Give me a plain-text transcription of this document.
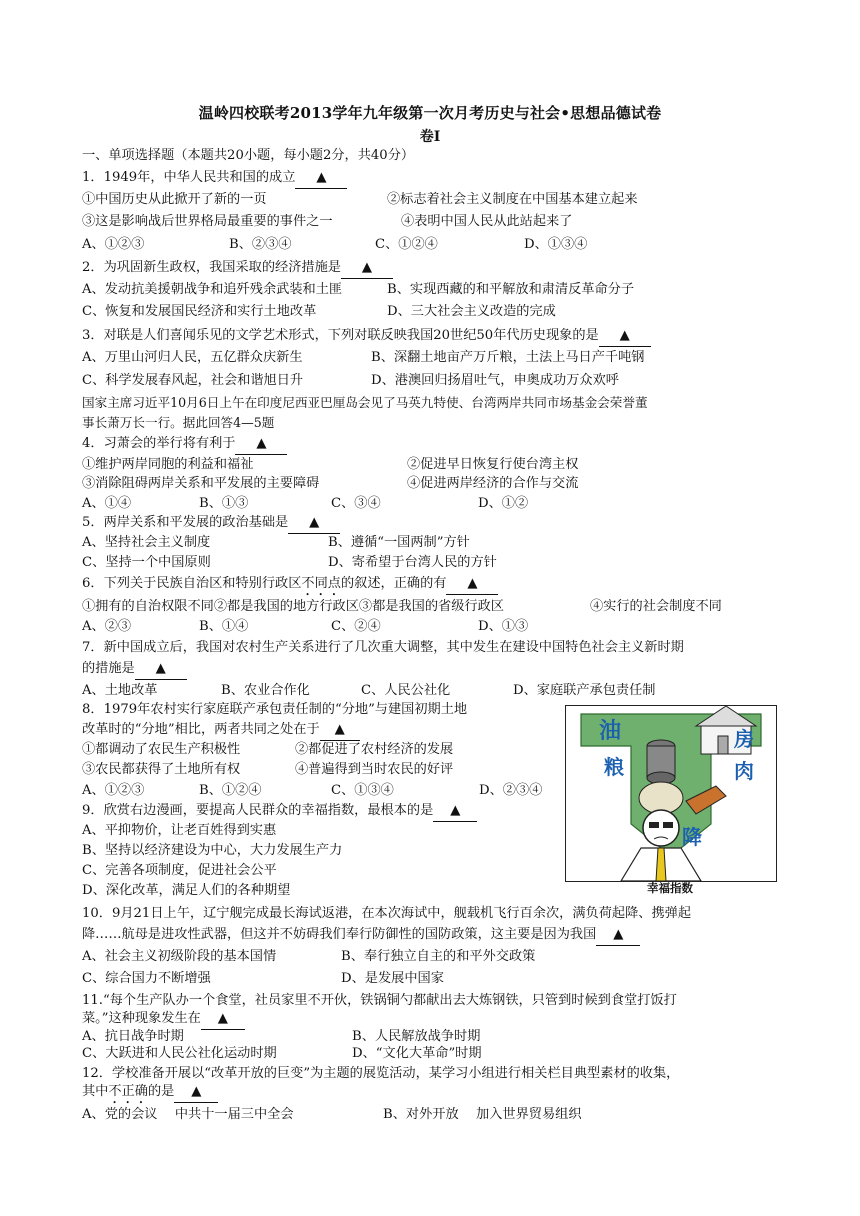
温岭四校联考2013学年九年级第一次月考历史与社会•思想品德试卷
卷Ⅰ
一、单项选择题（本题共20小题，每小题2分，共40分）
1．1949年，中华人民共和国的成立 ▲
①中国历史从此掀开了新的一页	②标志着社会主义制度在中国基本建立起来
③这是影响战后世界格局最重要的事件之一	④表明中国人民从此站起来了
A、①②③	B、②③④	C、①②④	D、①③④
2．为巩固新生政权，我国采取的经济措施是 ▲
A、发动抗美援朝战争和追歼残余武装和土匪	B、实现西藏的和平解放和肃清反革命分子
C、恢复和发展国民经济和实行土地改革	D、三大社会主义改造的完成
3．对联是人们喜闻乐见的文学艺术形式，下列对联反映我国20世纪50年代历史现象的是 ▲
A、万里山河归人民，五亿群众庆新生	B、深翻土地亩产万斤粮，土法上马日产千吨钢
C、科学发展春风起，社会和谐旭日升	D、港澳回归扬眉吐气，申奥成功万众欢呼
国家主席习近平10月6日上午在印度尼西亚巴厘岛会见了马英九特使、台湾两岸共同市场基金会荣誉董
事长萧万长一行。据此回答4—5题
4．习萧会的举行将有利于 ▲
①维护两岸同胞的利益和福祉	②促进早日恢复行使台湾主权
③消除阻碍两岸关系和平发展的主要障碍	④促进两岸经济的合作与交流
A、①④	B、①③	C、③④	D、①②
5．两岸关系和平发展的政治基础是 ▲
A、坚持社会主义制度	B、遵循“一国两制”方针
C、坚持一个中国原则	D、寄希望于台湾人民的方针
6．下列关于民族自治区和特别行政区不同点的叙述，正确的有 ▲
①拥有的自治权限不同②都是我国的地方行政区③都是我国的省级行政区	④实行的社会制度不同
A、②③	B、①④	C、②④	D、①③
7．新中国成立后，我国对农村生产关系进行了几次重大调整，其中发生在建设中国特色社会主义新时期
的措施是 ▲
A、土地改革	B、农业合作化	C、人民公社化	D、家庭联产承包责任制
8．1979年农村实行家庭联产承包责任制的“分地”与建国初期土地
改革时的“分地”相比，两者共同之处在于 ▲
①都调动了农民生产积极性	②都促进了农村经济的发展
③农民都获得了土地所有权	④普遍得到当时农民的好评
A、①②③	B、①②④	C、①③④	D、②③④
9．欣赏右边漫画，要提高人民群众的幸福指数，最根本的是 ▲
A、平抑物价，让老百姓得到实惠
B、坚持以经济建设为中心，大力发展生产力
C、完善各项制度，促进社会公平
D、深化改革，满足人们的各种期望
油
粮
房
肉
降
幸福指数
10．9月21日上午，辽宁舰完成最长海试返港，在本次海试中，舰载机飞行百余次，满负荷起降、携弹起
降……航母是进攻性武器，但这并不妨碍我们奉行防御性的国防政策，这主要是因为我国 ▲
A、社会主义初级阶段的基本国情	B、奉行独立自主的和平外交政策
C、综合国力不断增强	D、是发展中国家
11.“每个生产队办一个食堂，社员家里不开伙，铁锅铜勺都献出去大炼钢铁，只管到时候到食堂打饭打
菜。”这种现象发生在 ▲
A、抗日战争时期	B、人民解放战争时期
C、大跃进和人民公社化运动时期	D、“文化大革命”时期
12．学校准备开展以“改革开放的巨变”为主题的展览活动，某学习小组进行相关栏目典型素材的收集，
其中不正确的是 ▲
A、党的会议　 中共十一届三中全会	B、对外开放　 加入世界贸易组织
